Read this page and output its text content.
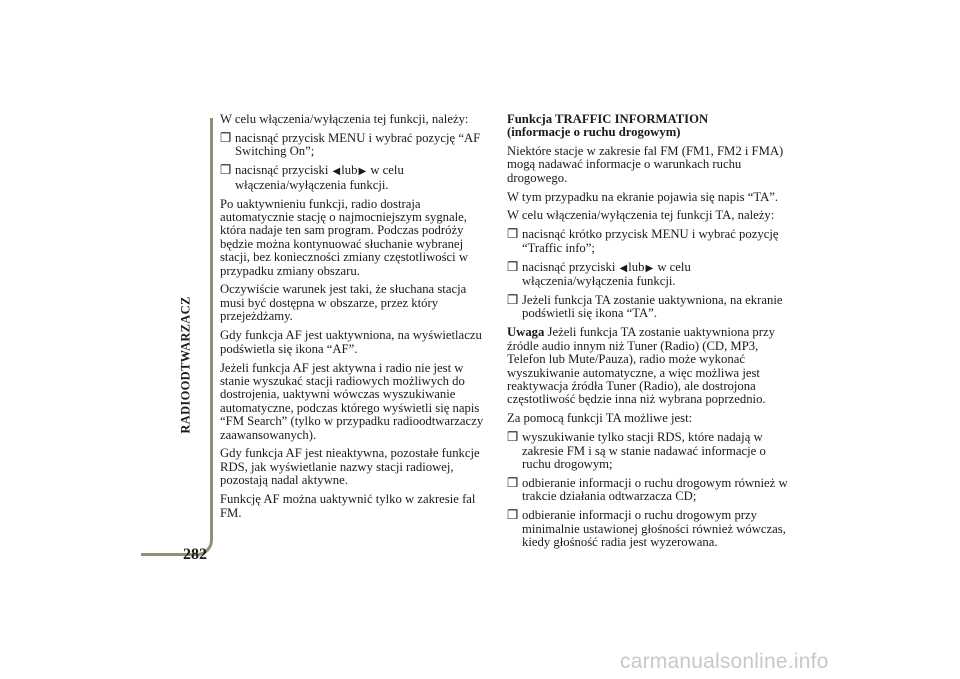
RADIOODTWARZACZ
282

W celu włączenia/wyłączenia tej funkcji, należy:

❒ nacisnąć przycisk MENU i wybrać pozycję “AF Switching On”;
❒ nacisnąć przyciski ◀lub▶ w celu włączenia/wyłączenia funkcji.

Po uaktywnieniu funkcji, radio dostraja automatycznie stację o najmocniejszym sygnale, która nadaje ten sam program. Podczas podróży będzie można kontynuować słuchanie wybranej stacji, bez konieczności zmiany częstotliwości w przypadku zmiany obszaru.

Oczywiście warunek jest taki, że słuchana stacja musi być dostępna w obszarze, przez który przejeżdżamy.

Gdy funkcja AF jest uaktywniona, na wyświetlaczu podświetla się ikona “AF”.

Jeżeli funkcja AF jest aktywna i radio nie jest w stanie wyszukać stacji radiowych możliwych do dostrojenia, uaktywni wówczas wyszukiwanie automatyczne, podczas którego wyświetli się napis “FM Search” (tylko w przypadku radioodtwarzaczy zaawansowanych).

Gdy funkcja AF jest nieaktywna, pozostałe funkcje RDS, jak wyświetlanie nazwy stacji radiowej, pozostają nadal aktywne.

Funkcję AF można uaktywnić tylko w zakresie fal FM.

Funkcja TRAFFIC INFORMATION
(informacje o ruchu drogowym)

Niektóre stacje w zakresie fal FM (FM1, FM2 i FMA) mogą nadawać informacje o warunkach ruchu drogowego.

W tym przypadku na ekranie pojawia się napis “TA”.

W celu włączenia/wyłączenia tej funkcji TA, należy:

❒ nacisnąć krótko przycisk MENU i wybrać pozycję “Traffic info”;
❒ nacisnąć przyciski ◀lub▶ w celu włączenia/wyłączenia funkcji.
❒ Jeżeli funkcja TA zostanie uaktywniona, na ekranie podświetli się ikona “TA”.

Uwaga Jeżeli funkcja TA zostanie uaktywniona przy źródle audio innym niż Tuner (Radio) (CD, MP3, Telefon lub Mute/Pauza), radio może wykonać wyszukiwanie automatyczne, a więc możliwa jest reaktywacja źródła Tuner (Radio), ale dostrojona częstotliwość będzie inna niż wybrana poprzednio.

Za pomocą funkcji TA możliwe jest:

❒ wyszukiwanie tylko stacji RDS, które nadają w zakresie FM i są w stanie nadawać informacje o ruchu drogowym;
❒ odbieranie informacji o ruchu drogowym również w trakcie działania odtwarzacza CD;
❒ odbieranie informacji o ruchu drogowym przy minimalnie ustawionej głośności również wówczas, kiedy głośność radia jest wyzerowana.
carmanualsonline.info
